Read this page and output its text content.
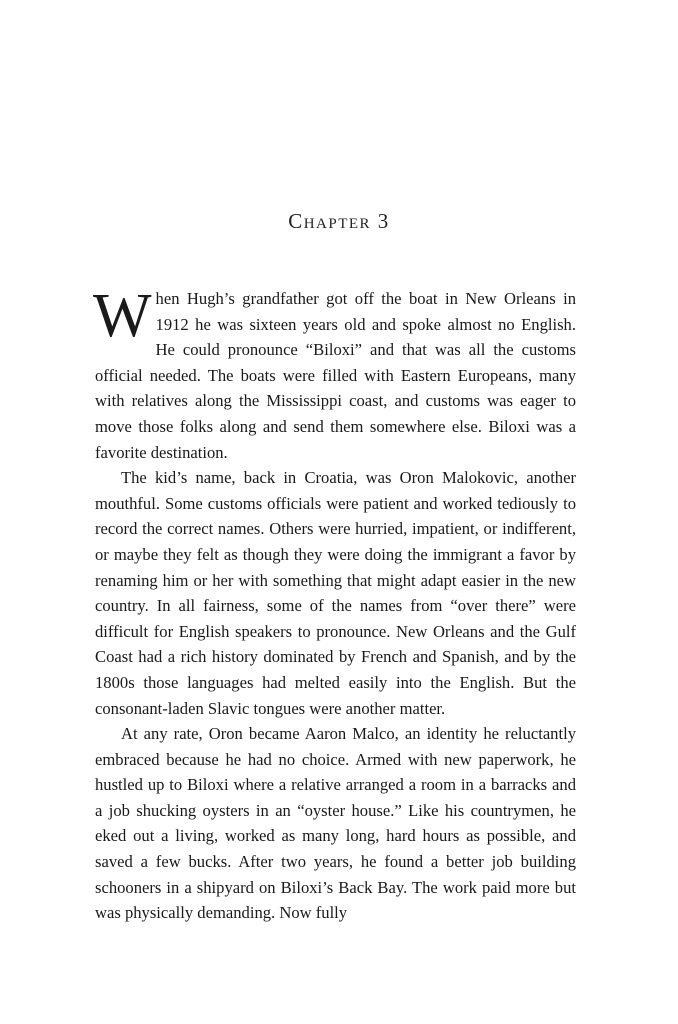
Chapter 3

When Hugh’s grandfather got off the boat in New Orleans in 1912 he was sixteen years old and spoke almost no English. He could pronounce “Biloxi” and that was all the customs official needed. The boats were filled with Eastern Europeans, many with relatives along the Mississippi coast, and customs was eager to move those folks along and send them somewhere else. Biloxi was a favorite destination.

The kid’s name, back in Croatia, was Oron Malokovic, another mouthful. Some customs officials were patient and worked tediously to record the correct names. Others were hurried, impatient, or indifferent, or maybe they felt as though they were doing the immigrant a favor by renaming him or her with something that might adapt easier in the new country. In all fairness, some of the names from “over there” were difficult for English speakers to pronounce. New Orleans and the Gulf Coast had a rich history dominated by French and Spanish, and by the 1800s those languages had melted easily into the English. But the consonant-laden Slavic tongues were another matter.

At any rate, Oron became Aaron Malco, an identity he reluctantly embraced because he had no choice. Armed with new paperwork, he hustled up to Biloxi where a relative arranged a room in a barracks and a job shucking oysters in an “oyster house.” Like his countrymen, he eked out a living, worked as many long, hard hours as possible, and saved a few bucks. After two years, he found a better job building schooners in a shipyard on Biloxi’s Back Bay. The work paid more but was physically demanding. Now fully
